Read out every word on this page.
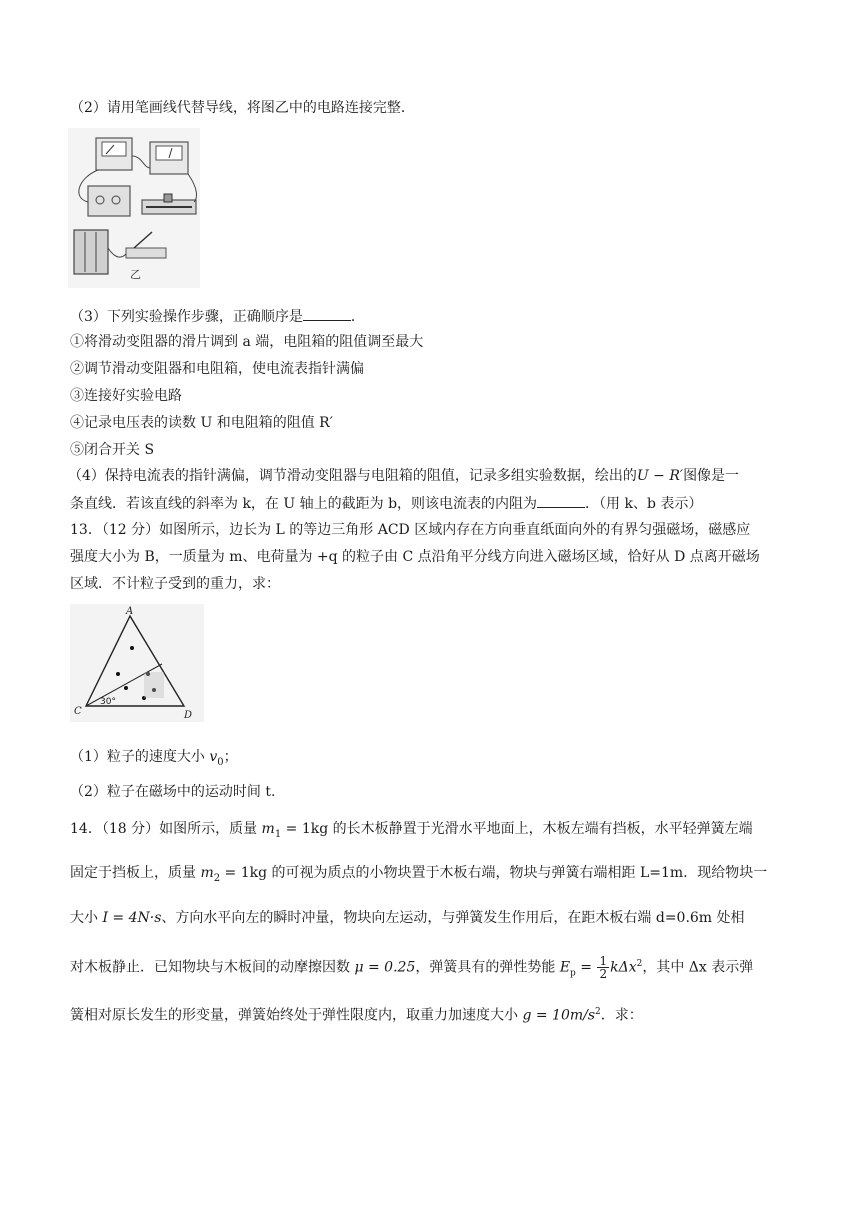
（2）请用笔画线代替导线，将图乙中的电路连接完整．
乙
（3）下列实验操作步骤，正确顺序是	．
①将滑动变阻器的滑片调到 a 端，电阻箱的阻值调至最大
②调节滑动变阻器和电阻箱，使电流表指针满偏
③连接好实验电路
④记录电压表的读数 U 和电阻箱的阻值 R′
⑤闭合开关 S
（4）保持电流表的指针满偏，调节滑动变阻器与电阻箱的阻值，记录多组实验数据，绘出的U − R′图像是一
条直线．若该直线的斜率为 k，在 U 轴上的截距为 b，则该电流表的内阻为	．（用 k、b 表示）
13．（12 分）如图所示，边长为 L 的等边三角形 ACD 区域内存在方向垂直纸面向外的有界匀强磁场，磁感应
强度大小为 B，一质量为 m、电荷量为 +q 的粒子由 C 点沿角平分线方向进入磁场区域，恰好从 D 点离开磁场
区域．不计粒子受到的重力，求：
A
C	D
30°
（1）粒子的速度大小 $v_0$；
（2）粒子在磁场中的运动时间 t.
14．（18 分）如图所示，质量 $m_1 = 1kg$ 的长木板静置于光滑水平地面上，木板左端有挡板，水平轻弹簧左端
固定于挡板上，质量 $m_2 = 1kg$ 的可视为质点的小物块置于木板右端，物块与弹簧右端相距 L=1m．现给物块一
大小 I = 4N·s、方向水平向左的瞬时冲量，物块向左运动，与弹簧发生作用后，在距木板右端 d=0.6m 处相
对木板静止．已知物块与木板间的动摩擦因数 μ = 0.25，弹簧具有的弹性势能 $E_p = \frac{1}{2} k\Delta x^2$，其中 Δx 表示弹
簧相对原长发生的形变量，弹簧始终处于弹性限度内，取重力加速度大小 $g = 10m/s^2$．求：
